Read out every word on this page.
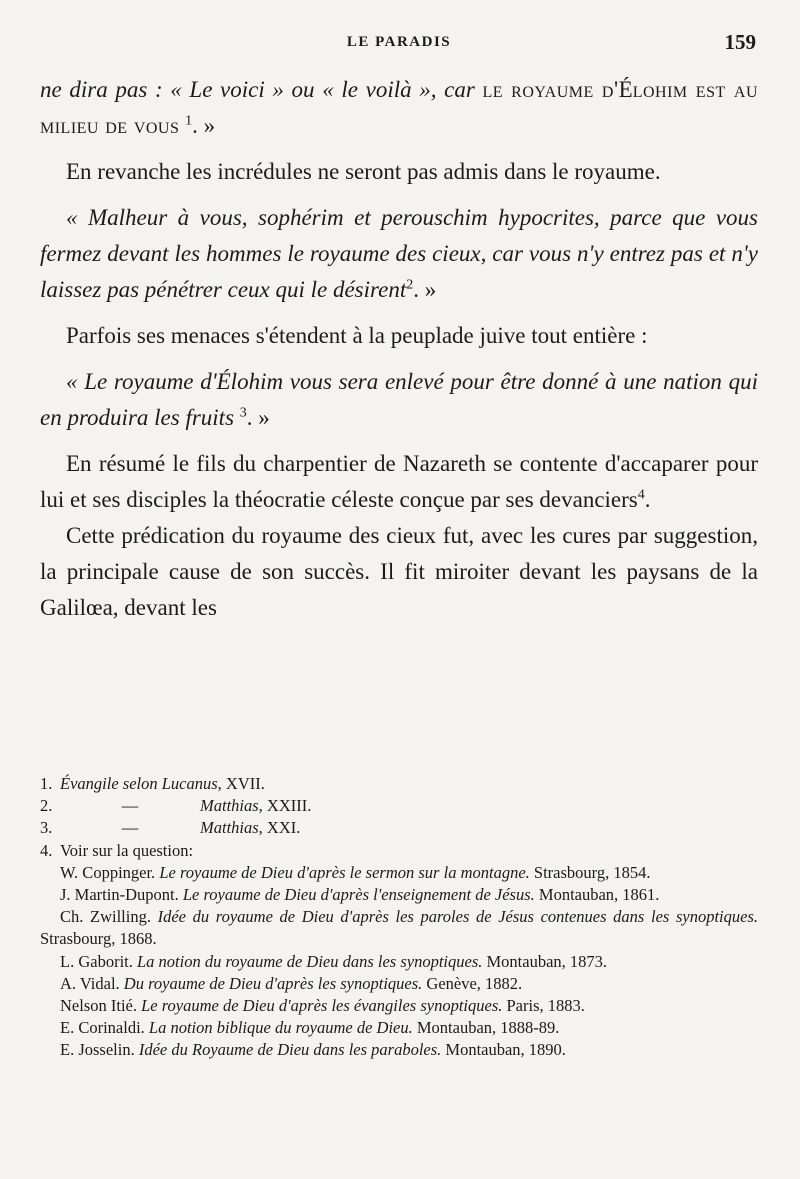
LE PARADIS	159

ne dira pas : « Le voici » ou « le voilà », car le royaume d'Élohim est au milieu de vous $^1$. »

En revanche les incrédules ne seront pas admis dans le royaume.

« Malheur à vous, sophérim et perouschim hypocrites, parce que vous fermez devant les hommes le royaume des cieux, car vous n'y entrez pas et n'y laissez pas pénétrer ceux qui le désirent$^2$. »

Parfois ses menaces s'étendent à la peuplade juive tout entière :

« Le royaume d'Élohim vous sera enlevé pour être donné à une nation qui en produira les fruits $^3$. »

En résumé le fils du charpentier de Nazareth se contente d'accaparer pour lui et ses disciples la théocratie céleste conçue par ses devanciers$^4$.

Cette prédication du royaume des cieux fut, avec les cures par suggestion, la principale cause de son succès. Il fit miroiter devant les paysans de la Galilœa, devant les

1. Évangile selon Lucanus, XVII.

2.	—	Matthias, XXIII.

3.	—	Matthias, XXI.

4. Voir sur la question:

W. Coppinger. Le royaume de Dieu d'après le sermon sur la montagne. Strasbourg, 1854.

J. Martin-Dupont. Le royaume de Dieu d'après l'enseignement de Jésus. Montauban, 1861.

Ch. Zwilling. Idée du royaume de Dieu d'après les paroles de Jésus contenues dans les synoptiques. Strasbourg, 1868.

L. Gaborit. La notion du royaume de Dieu dans les synoptiques. Montauban, 1873.

A. Vidal. Du royaume de Dieu d'après les synoptiques. Genève, 1882.

Nelson Itié. Le royaume de Dieu d'après les évangiles synoptiques. Paris, 1883.

E. Corinaldi. La notion biblique du royaume de Dieu. Montauban, 1888-89.

E. Josselin. Idée du Royaume de Dieu dans les paraboles. Montauban, 1890.
